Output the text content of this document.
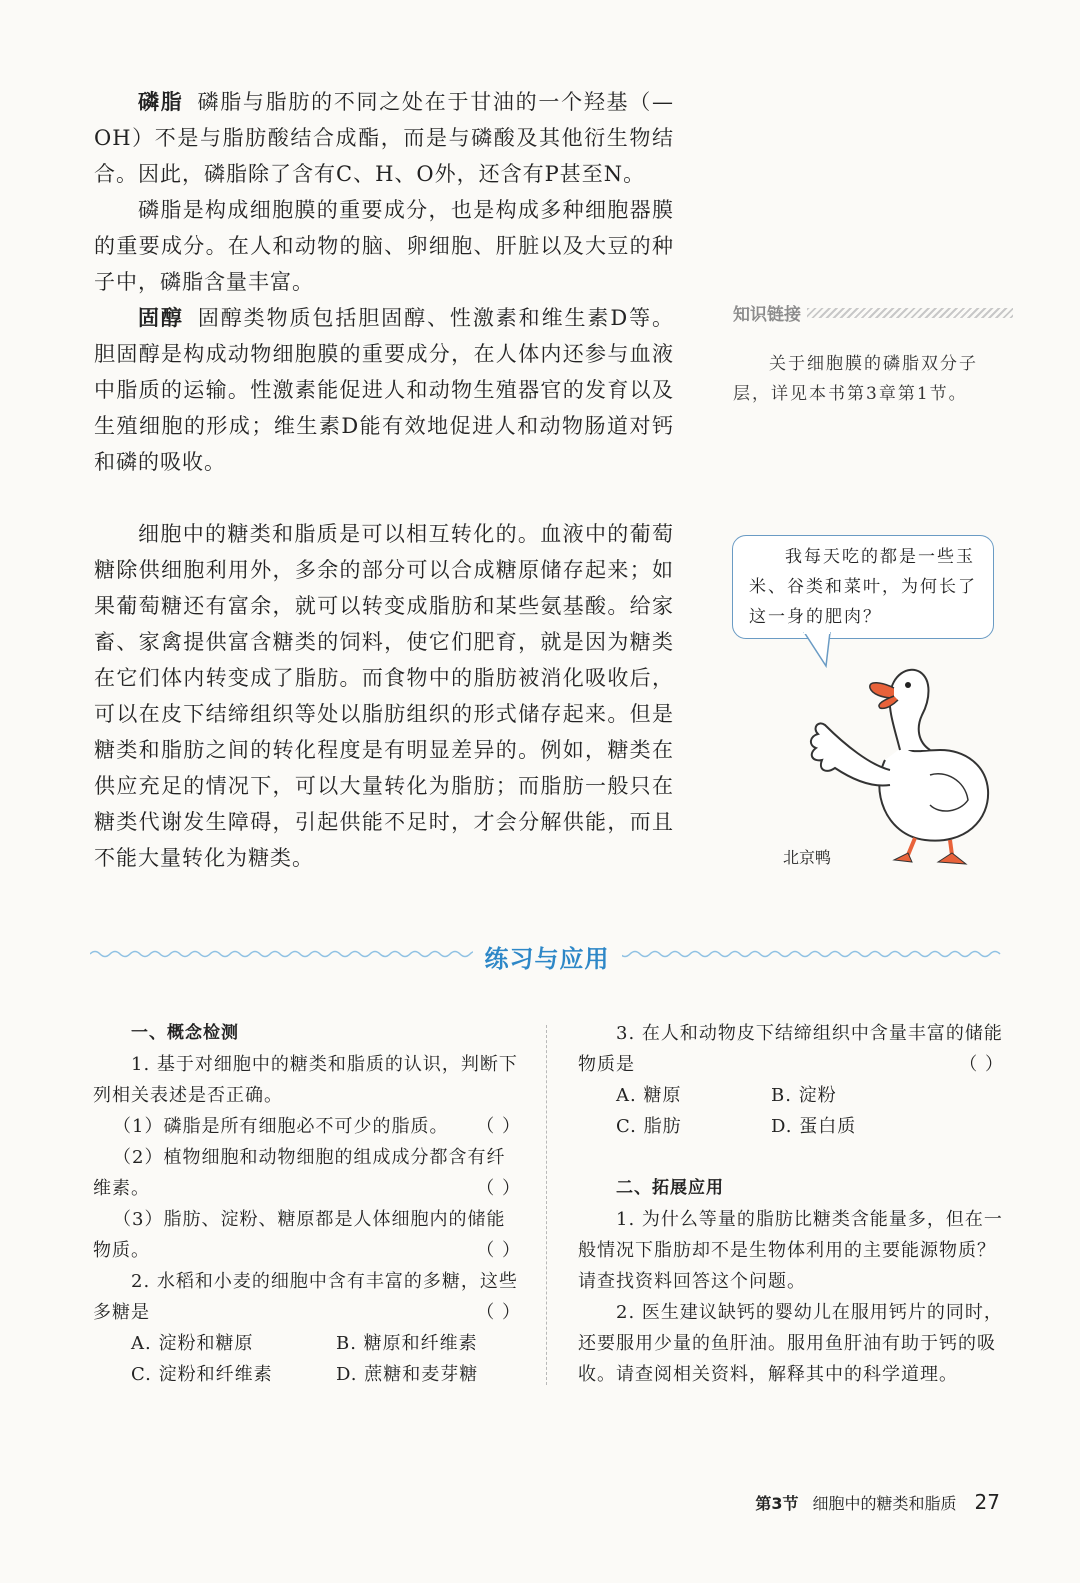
磷脂 磷脂与脂肪的不同之处在于甘油的一个羟基（—OH）不是与脂肪酸结合成酯，而是与磷酸及其他衍生物结合。因此，磷脂除了含有C、H、O外，还含有P甚至N。

磷脂是构成细胞膜的重要成分，也是构成多种细胞器膜的重要成分。在人和动物的脑、卵细胞、肝脏以及大豆的种子中，磷脂含量丰富。

固醇 固醇类物质包括胆固醇、性激素和维生素D等。胆固醇是构成动物细胞膜的重要成分，在人体内还参与血液中脂质的运输。性激素能促进人和动物生殖器官的发育以及生殖细胞的形成；维生素D能有效地促进人和动物肠道对钙和磷的吸收。

细胞中的糖类和脂质是可以相互转化的。血液中的葡萄糖除供细胞利用外，多余的部分可以合成糖原储存起来；如果葡萄糖还有富余，就可以转变成脂肪和某些氨基酸。给家畜、家禽提供富含糖类的饲料，使它们肥育，就是因为糖类在它们体内转变成了脂肪。而食物中的脂肪被消化吸收后，可以在皮下结缔组织等处以脂肪组织的形式储存起来。但是糖类和脂肪之间的转化程度是有明显差异的。例如，糖类在供应充足的情况下，可以大量转化为脂肪；而脂肪一般只在糖类代谢发生障碍，引起供能不足时，才会分解供能，而且不能大量转化为糖类。

知识链接
关于细胞膜的磷脂双分子层，详见本书第3章第1节。

我每天吃的都是一些玉米、谷类和菜叶，为何长了这一身的肥肉？

北京鸭
练习与应用

一、概念检测

1. 基于对细胞中的糖类和脂质的认识，判断下列相关表述是否正确。

（1）磷脂是所有细胞必不可少的脂质。	（ ）

（2）植物细胞和动物细胞的组成成分都含有纤维素。	（ ）

（3）脂肪、淀粉、糖原都是人体细胞内的储能物质。	（ ）

2. 水稻和小麦的细胞中含有丰富的多糖，这些多糖是	（ ）

A. 淀粉和糖原	B. 糖原和纤维素
C. 淀粉和纤维素	D. 蔗糖和麦芽糖

3. 在人和动物皮下结缔组织中含量丰富的储能物质是	（ ）

A. 糖原	B. 淀粉
C. 脂肪	D. 蛋白质

二、拓展应用

1. 为什么等量的脂肪比糖类含能量多，但在一般情况下脂肪却不是生物体利用的主要能源物质？请查找资料回答这个问题。

2. 医生建议缺钙的婴幼儿在服用钙片的同时，还要服用少量的鱼肝油。服用鱼肝油有助于钙的吸收。请查阅相关资料，解释其中的科学道理。

第3节 细胞中的糖类和脂质 27
